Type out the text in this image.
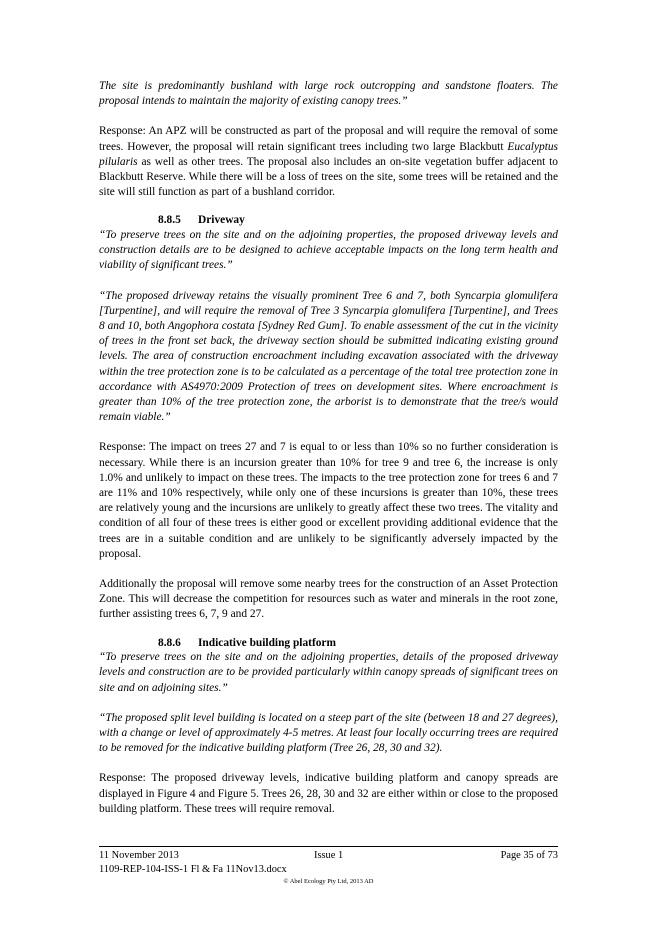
The site is predominantly bushland with large rock outcropping and sandstone floaters. The proposal intends to maintain the majority of existing canopy trees.”

Response: An APZ will be constructed as part of the proposal and will require the removal of some trees. However, the proposal will retain significant trees including two large Blackbutt Eucalyptus pilularis as well as other trees. The proposal also includes an on-site vegetation buffer adjacent to Blackbutt Reserve. While there will be a loss of trees on the site, some trees will be retained and the site will still function as part of a bushland corridor.

8.8.5 Driveway

“To preserve trees on the site and on the adjoining properties, the proposed driveway levels and construction details are to be designed to achieve acceptable impacts on the long term health and viability of significant trees.”

“The proposed driveway retains the visually prominent Tree 6 and 7, both Syncarpia glomulifera [Turpentine], and will require the removal of Tree 3 Syncarpia glomulifera [Turpentine], and Trees 8 and 10, both Angophora costata [Sydney Red Gum]. To enable assessment of the cut in the vicinity of trees in the front set back, the driveway section should be submitted indicating existing ground levels. The area of construction encroachment including excavation associated with the driveway within the tree protection zone is to be calculated as a percentage of the total tree protection zone in accordance with AS4970:2009 Protection of trees on development sites. Where encroachment is greater than 10% of the tree protection zone, the arborist is to demonstrate that the tree/s would remain viable.”

Response: The impact on trees 27 and 7 is equal to or less than 10% so no further consideration is necessary. While there is an incursion greater than 10% for tree 9 and tree 6, the increase is only 1.0% and unlikely to impact on these trees. The impacts to the tree protection zone for trees 6 and 7 are 11% and 10% respectively, while only one of these incursions is greater than 10%, these trees are relatively young and the incursions are unlikely to greatly affect these two trees. The vitality and condition of all four of these trees is either good or excellent providing additional evidence that the trees are in a suitable condition and are unlikely to be significantly adversely impacted by the proposal.

Additionally the proposal will remove some nearby trees for the construction of an Asset Protection Zone. This will decrease the competition for resources such as water and minerals in the root zone, further assisting trees 6, 7, 9 and 27.

8.8.6 Indicative building platform

“To preserve trees on the site and on the adjoining properties, details of the proposed driveway levels and construction are to be provided particularly within canopy spreads of significant trees on site and on adjoining sites.”

“The proposed split level building is located on a steep part of the site (between 18 and 27 degrees), with a change or level of approximately 4-5 metres. At least four locally occurring trees are required to be removed for the indicative building platform (Tree 26, 28, 30 and 32).

Response: The proposed driveway levels, indicative building platform and canopy spreads are displayed in Figure 4 and Figure 5. Trees 26, 28, 30 and 32 are either within or close to the proposed building platform. These trees will require removal.

11 November 2013	Issue 1	Page 35 of 73
1109-REP-104-ISS-1 Fl & Fa 11Nov13.docx
© Abel Ecology Pty Ltd, 2013 AD
